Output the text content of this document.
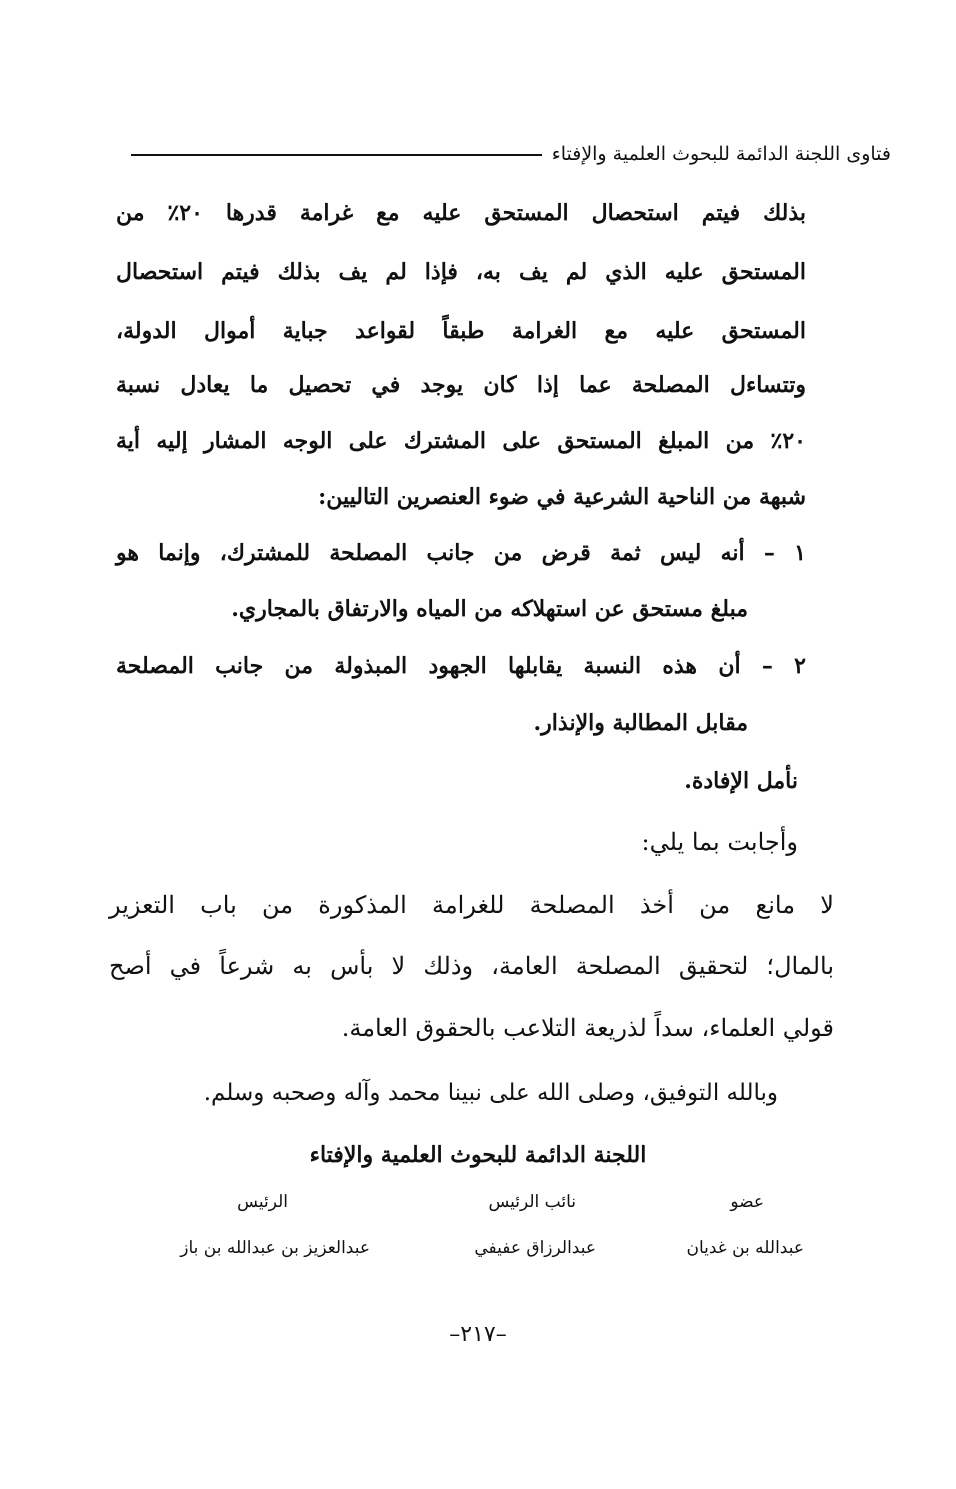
فتاوى اللجنة الدائمة للبحوث العلمية والإفتاء
بذلك فيتم استحصال المستحق عليه مع غرامة قدرها ٢٠٪ من
المستحق عليه الذي لم يف به، فإذا لم يف بذلك فيتم استحصال
المستحق عليه مع الغرامة طبقاً لقواعد جباية أموال الدولة،
وتتساءل المصلحة عما إذا كان يوجد في تحصيل ما يعادل نسبة
٢٠٪ من المبلغ المستحق على المشترك على الوجه المشار إليه أية
شبهة من الناحية الشرعية في ضوء العنصرين التاليين:
١ – أنه ليس ثمة قرض من جانب المصلحة للمشترك، وإنما هو
مبلغ مستحق عن استهلاكه من المياه والارتفاق بالمجاري.
٢ – أن هذه النسبة يقابلها الجهود المبذولة من جانب المصلحة
مقابل المطالبة والإنذار.
نأمل الإفادة.
وأجابت بما يلي:
لا مانع من أخذ المصلحة للغرامة المذكورة من باب التعزير
بالمال؛ لتحقيق المصلحة العامة، وذلك لا بأس به شرعاً في أصح
قولي العلماء، سداً لذريعة التلاعب بالحقوق العامة.
وبالله التوفيق، وصلى الله على نبينا محمد وآله وصحبه وسلم.
اللجنة الدائمة للبحوث العلمية والإفتاء
عضو
نائب الرئيس
الرئيس
عبدالله بن غديان
عبدالرزاق عفيفي
عبدالعزيز بن عبدالله بن باز
–٢١٧–
